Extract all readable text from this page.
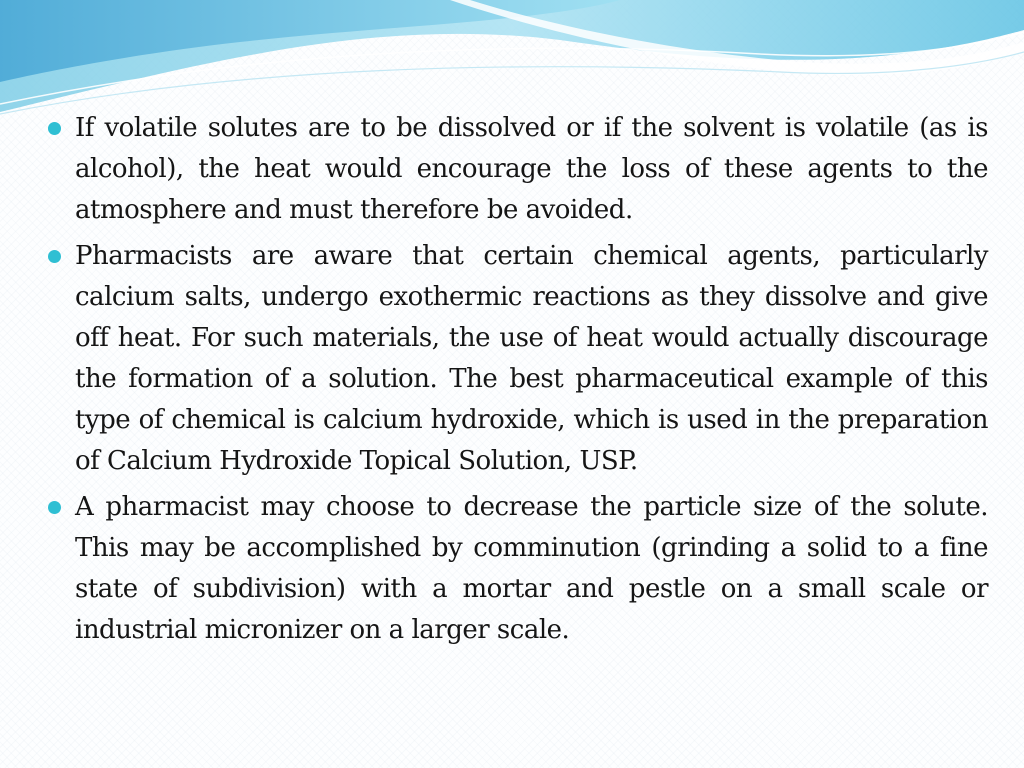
If volatile solutes are to be dissolved or if the solvent is volatile (as is alcohol), the heat would encourage the loss of these agents to the atmosphere and must therefore be avoided.
Pharmacists are aware that certain chemical agents, particularly calcium salts, undergo exothermic reactions as they dissolve and give off heat. For such materials, the use of heat would actually discourage the formation of a solution. The best pharmaceutical example of this type of chemical is calcium hydroxide, which is used in the preparation of Calcium Hydroxide Topical Solution, USP.
A pharmacist may choose to decrease the particle size of the solute. This may be accomplished by comminution (grinding a solid to a fine state of subdivision) with a mortar and pestle on a small scale or industrial micronizer on a larger scale.
